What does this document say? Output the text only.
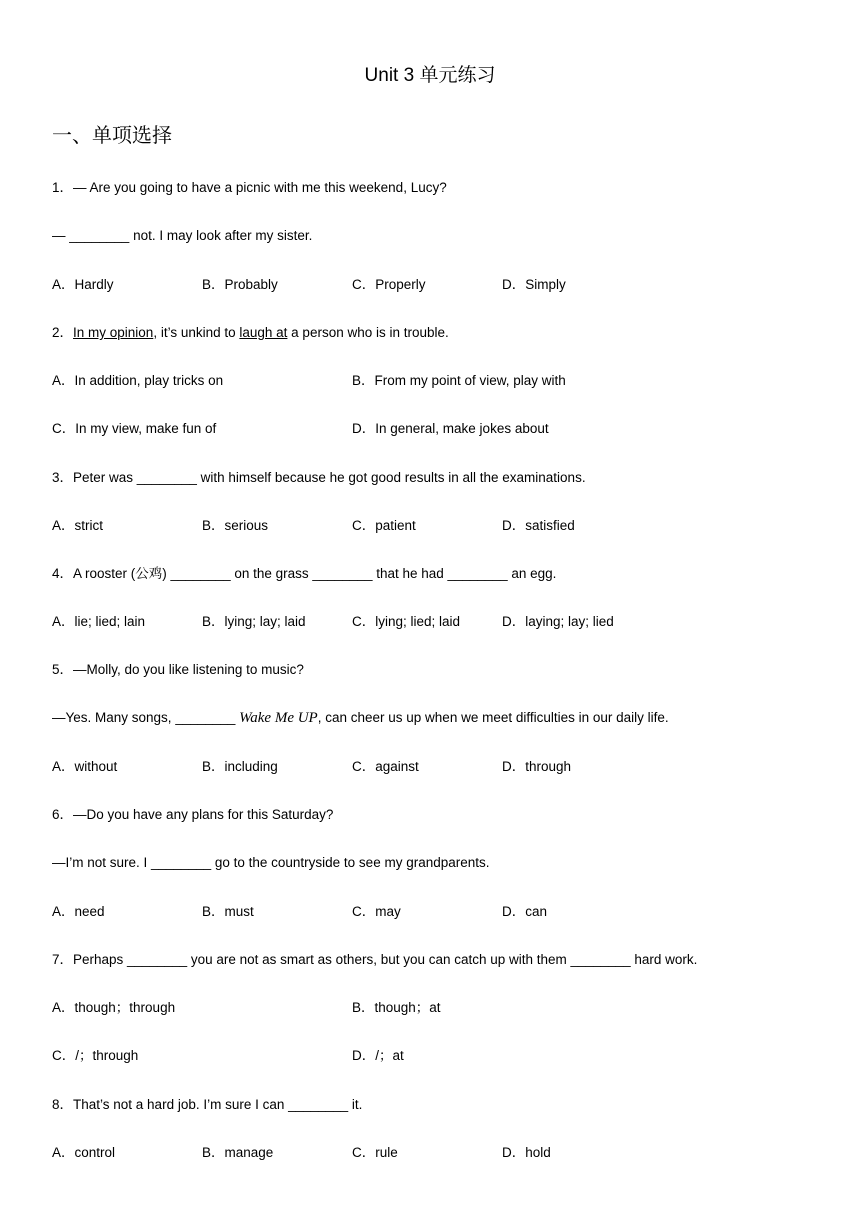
Unit 3 单元练习
一、单项选择
1．— Are you going to have a picnic with me this weekend, Lucy?
— ________ not. I may look after my sister.
A．Hardly	B．Probably	C．Properly	D．Simply
2．In my opinion, it’s unkind to laugh at a person who is in trouble.
A．In addition, play tricks on	B．From my point of view, play with
C．In my view, make fun of	D．In general, make jokes about
3．Peter was ________ with himself because he got good results in all the examinations.
A．strict	B．serious	C．patient	D．satisfied
4．A rooster (公鸡) ________ on the grass ________ that he had ________ an egg.
A．lie; lied; lain	B．lying; lay; laid	C．lying; lied; laid	D．laying; lay; lied
5．—Molly, do you like listening to music?
—Yes. Many songs, ________ Wake Me UP, can cheer us up when we meet difficulties in our daily life.
A．without	B．including	C．against	D．through
6．—Do you have any plans for this Saturday?
—I’m not sure. I ________ go to the countryside to see my grandparents.
A．need	B．must	C．may	D．can
7．Perhaps ________ you are not as smart as others, but you can catch up with them ________ hard work.
A．though；through	B．though；at
C．/；through	D．/；at
8．That’s not a hard job. I’m sure I can ________ it.
A．control	B．manage	C．rule	D．hold
